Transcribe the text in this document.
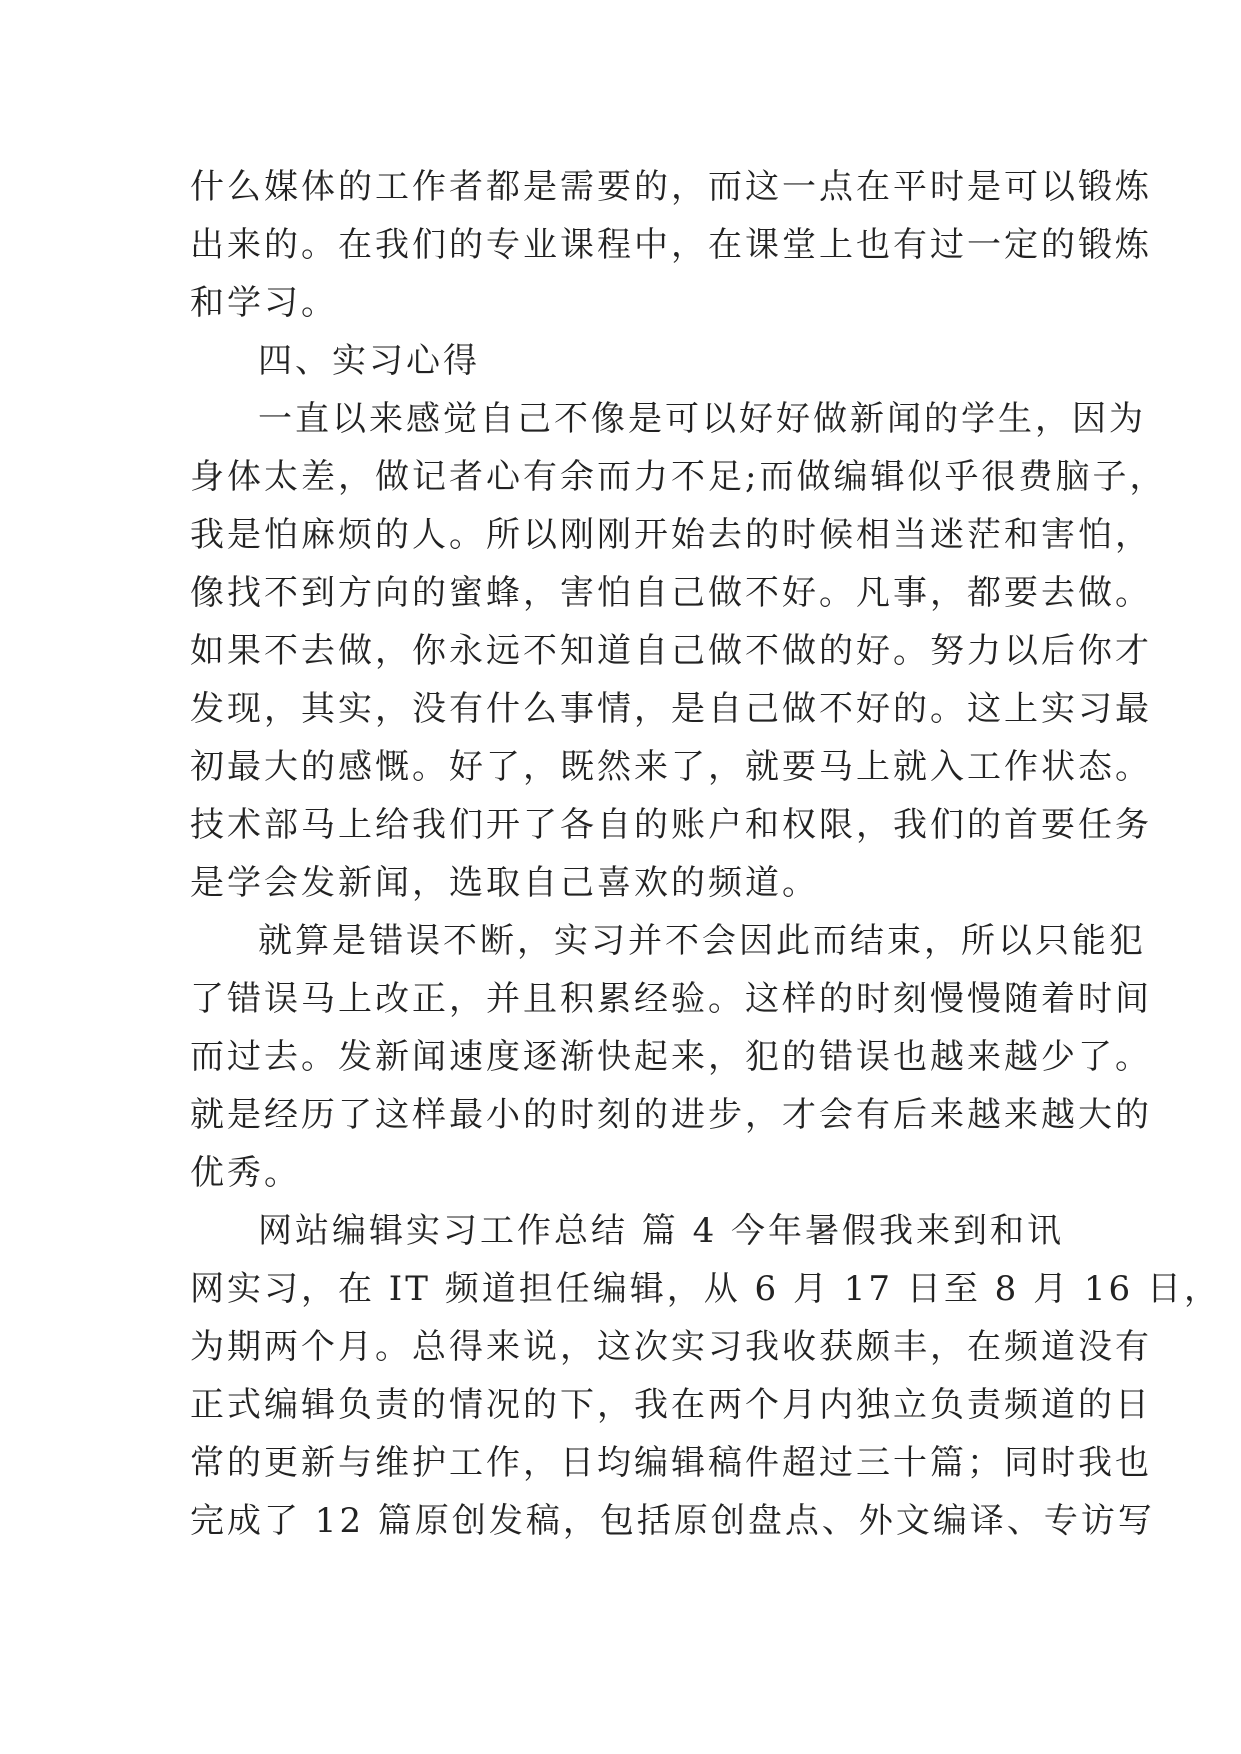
什么媒体的工作者都是需要的，而这一点在平时是可以锻炼
出来的。在我们的专业课程中，在课堂上也有过一定的锻炼
和学习。
四、实习心得
一直以来感觉自己不像是可以好好做新闻的学生，因为
身体太差，做记者心有余而力不足;而做编辑似乎很费脑子，
我是怕麻烦的人。所以刚刚开始去的时候相当迷茫和害怕，
像找不到方向的蜜蜂，害怕自己做不好。凡事，都要去做。
如果不去做，你永远不知道自己做不做的好。努力以后你才
发现，其实，没有什么事情，是自己做不好的。这上实习最
初最大的感慨。好了，既然来了，就要马上就入工作状态。
技术部马上给我们开了各自的账户和权限，我们的首要任务
是学会发新闻，选取自己喜欢的频道。
就算是错误不断，实习并不会因此而结束，所以只能犯
了错误马上改正，并且积累经验。这样的时刻慢慢随着时间
而过去。发新闻速度逐渐快起来，犯的错误也越来越少了。
就是经历了这样最小的时刻的进步，才会有后来越来越大的
优秀。
网站编辑实习工作总结 篇 4 今年暑假我来到和讯
网实习，在 IT 频道担任编辑，从 6 月 17 日至 8 月 16 日，
为期两个月。总得来说，这次实习我收获颇丰，在频道没有
正式编辑负责的情况的下，我在两个月内独立负责频道的日
常的更新与维护工作，日均编辑稿件超过三十篇；同时我也
完成了 12 篇原创发稿，包括原创盘点、外文编译、专访写
